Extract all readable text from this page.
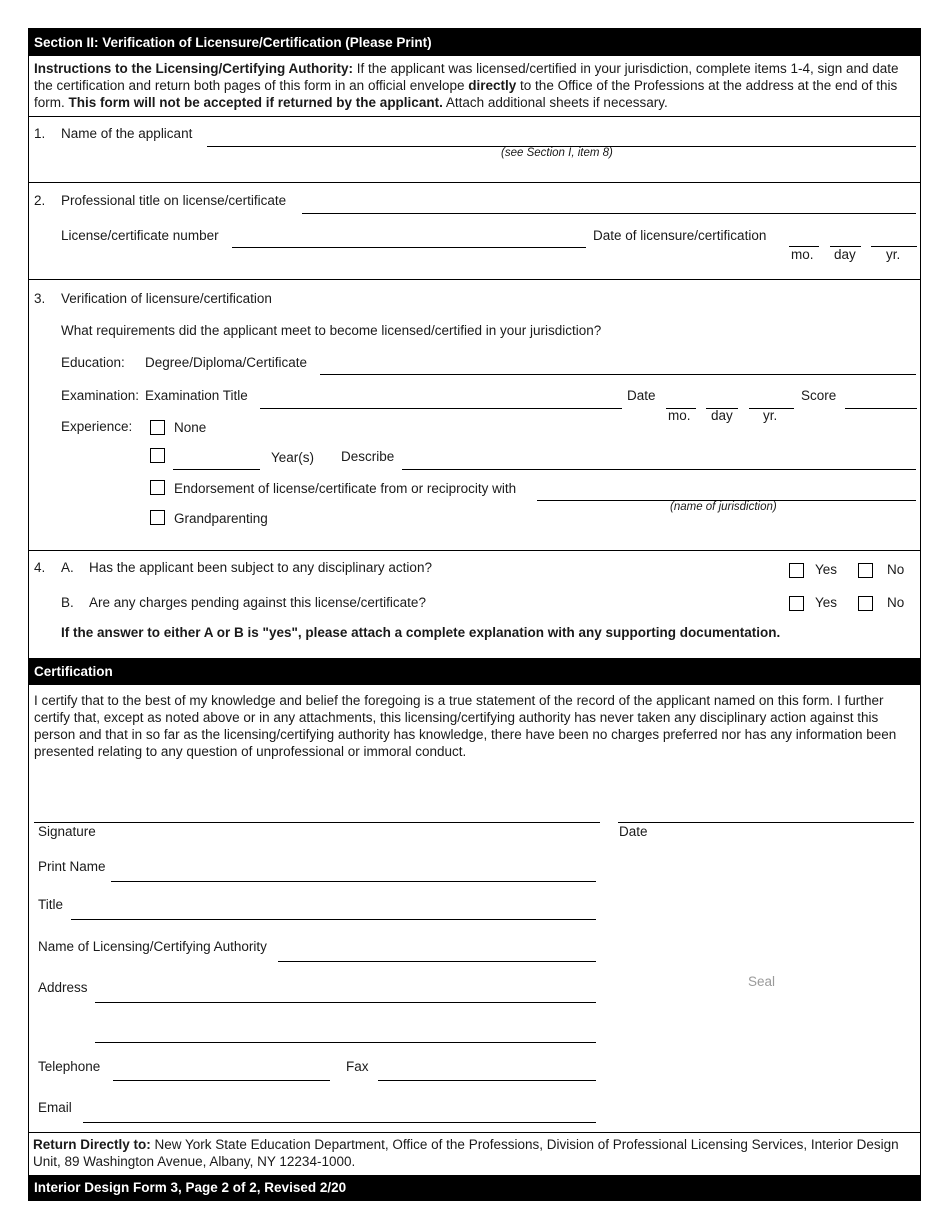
Section II: Verification of Licensure/Certification (Please Print)
Instructions to the Licensing/Certifying Authority: If the applicant was licensed/certified in your jurisdiction, complete items 1-4, sign and date the certification and return both pages of this form in an official envelope directly to the Office of the Professions at the address at the end of this form. This form will not be accepted if returned by the applicant. Attach additional sheets if necessary.
1. Name of the applicant
(see Section I, item 8)
2. Professional title on license/certificate
License/certificate number	Date of licensure/certification
mo. day yr.
3. Verification of licensure/certification
What requirements did the applicant meet to become licensed/certified in your jurisdiction?
Education: Degree/Diploma/Certificate
Examination: Examination Title	Date
mo. day yr.
Score
Experience:	None
Year(s) Describe
Endorsement of license/certificate from or reciprocity with
(name of jurisdiction)
Grandparenting
4. A. Has the applicant been subject to any disciplinary action?	Yes	No
B. Are any charges pending against this license/certificate?	Yes	No
If the answer to either A or B is "yes", please attach a complete explanation with any supporting documentation.
Certification
I certify that to the best of my knowledge and belief the foregoing is a true statement of the record of the applicant named on this form. I further certify that, except as noted above or in any attachments, this licensing/certifying authority has never taken any disciplinary action against this person and that in so far as the licensing/certifying authority has knowledge, there have been no charges preferred nor has any information been presented relating to any question of unprofessional or immoral conduct.
Signature	Date
Print Name
Title
Name of Licensing/Certifying Authority
Address	Seal
Telephone	Fax
Email
Return Directly to: New York State Education Department, Office of the Professions, Division of Professional Licensing Services, Interior Design Unit, 89 Washington Avenue, Albany, NY 12234-1000.
Interior Design Form 3, Page 2 of 2, Revised 2/20
